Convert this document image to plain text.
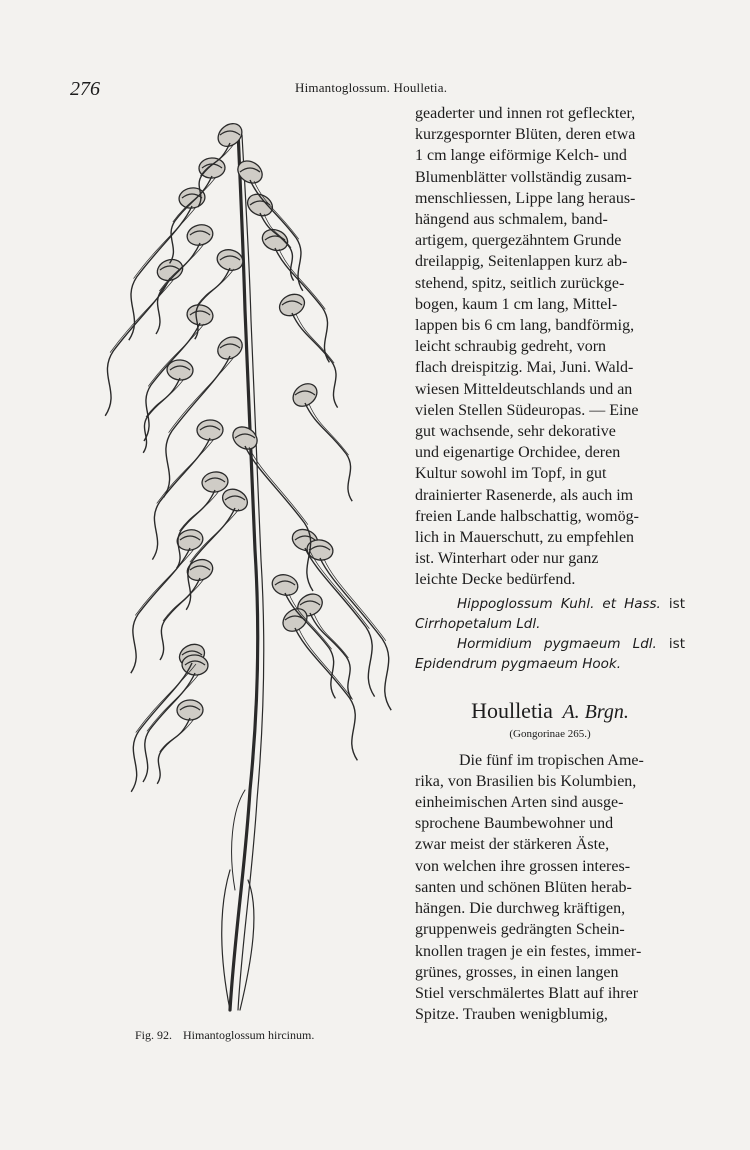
276	Himantoglossum. Houlletia.
Fig. 92. Himantoglossum hircinum.

geaderter und innen rot gefleckter,
kurzgespornter Blüten, deren etwa
1 cm lange eiförmige Kelch- und
Blumenblätter vollständig zusam-
menschliessen, Lippe lang heraus-
hängend aus schmalem, band-
artigem, quergezähntem Grunde
dreilappig, Seitenlappen kurz ab-
stehend, spitz, seitlich zurückge-
bogen, kaum 1 cm lang, Mittel-
lappen bis 6 cm lang, bandförmig,
leicht schraubig gedreht, vorn
flach dreispitzig. Mai, Juni. Wald-
wiesen Mitteldeutschlands und an
vielen Stellen Südeuropas. — Eine
gut wachsende, sehr dekorative
und eigenartige Orchidee, deren
Kultur sowohl im Topf, in gut
drainierter Rasenerde, als auch im
freien Lande halbschattig, womög-
lich in Mauerschutt, zu empfehlen
ist. Winterhart oder nur ganz
leichte Decke bedürfend.

Hippoglossum Kuhl. et Hass. ist
Cirrhopetalum Ldl.
Hormidium pygmaeum Ldl. ist
Epidendrum pygmaeum Hook.
Houlletia A. Brgn.
(Gongorinae 265.)

Die fünf im tropischen Ame-
rika, von Brasilien bis Kolumbien,
einheimischen Arten sind ausge-
sprochene Baumbewohner und
zwar meist der stärkeren Äste,
von welchen ihre grossen interes-
santen und schönen Blüten herab-
hängen. Die durchweg kräftigen,
gruppenweis gedrängten Schein-
knollen tragen je ein festes, immer-
grünes, grosses, in einen langen
Stiel verschmälertes Blatt auf ihrer
Spitze. Trauben wenigblumig,
